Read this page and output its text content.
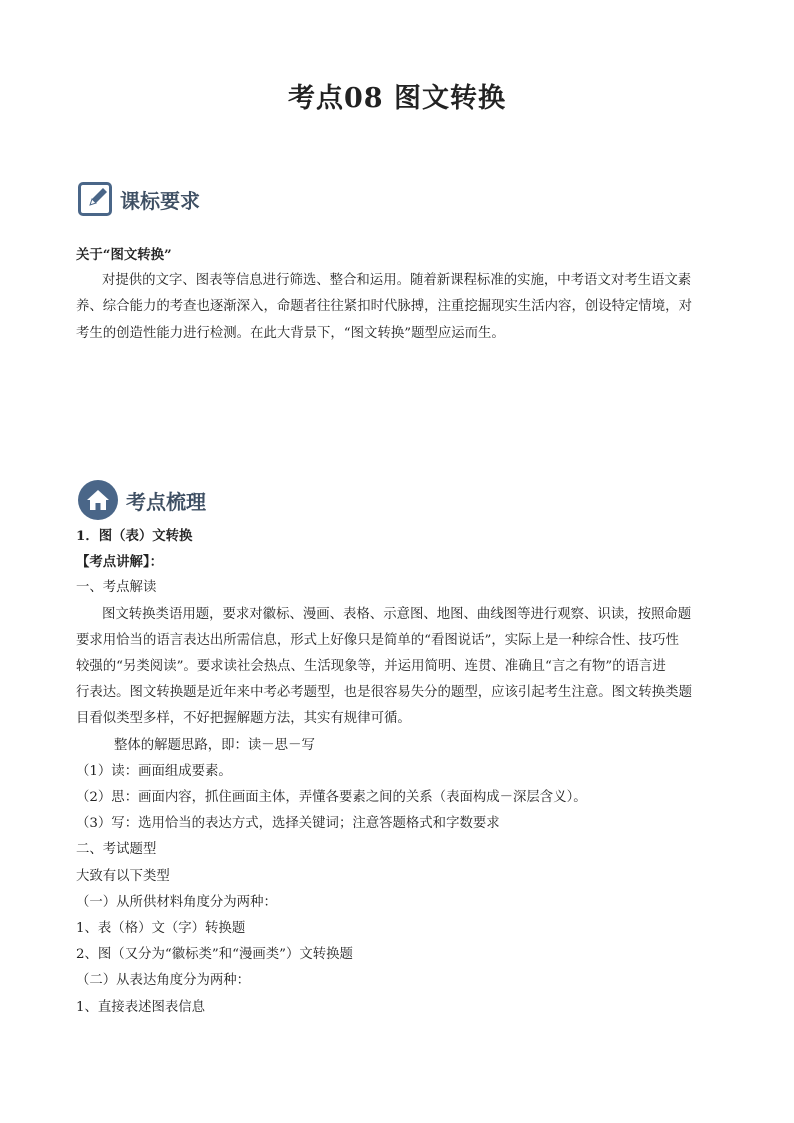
考点08 图文转换
课标要求
关于“图文转换”
对提供的文字、图表等信息进行筛选、整合和运用。随着新课程标准的实施，中考语文对考生语文素
养、综合能力的考查也逐渐深入，命题者往往紧扣时代脉搏，注重挖掘现实生活内容，创设特定情境，对
考生的创造性能力进行检测。在此大背景下，“图文转换”题型应运而生。
考点梳理
1．图（表）文转换
【考点讲解】：
一、考点解读
图文转换类语用题，要求对徽标、漫画、表格、示意图、地图、曲线图等进行观察、识读，按照命题
要求用恰当的语言表达出所需信息，形式上好像只是简单的“看图说话”，实际上是一种综合性、技巧性
较强的“另类阅读”。要求读社会热点、生活现象等，并运用简明、连贯、准确且“言之有物”的语言进
行表达。图文转换题是近年来中考必考题型，也是很容易失分的题型，应该引起考生注意。图文转换类题
目看似类型多样，不好把握解题方法，其实有规律可循。
整体的解题思路，即：读－思－写
（1）读：画面组成要素。
（2）思：画面内容，抓住画面主体，弄懂各要素之间的关系（表面构成－深层含义）。
（3）写：选用恰当的表达方式，选择关键词；注意答题格式和字数要求
二、考试题型
大致有以下类型
（一）从所供材料角度分为两种：
1、表（格）文（字）转换题
2、图（又分为“徽标类”和“漫画类”）文转换题
（二）从表达角度分为两种：
1、直接表述图表信息
